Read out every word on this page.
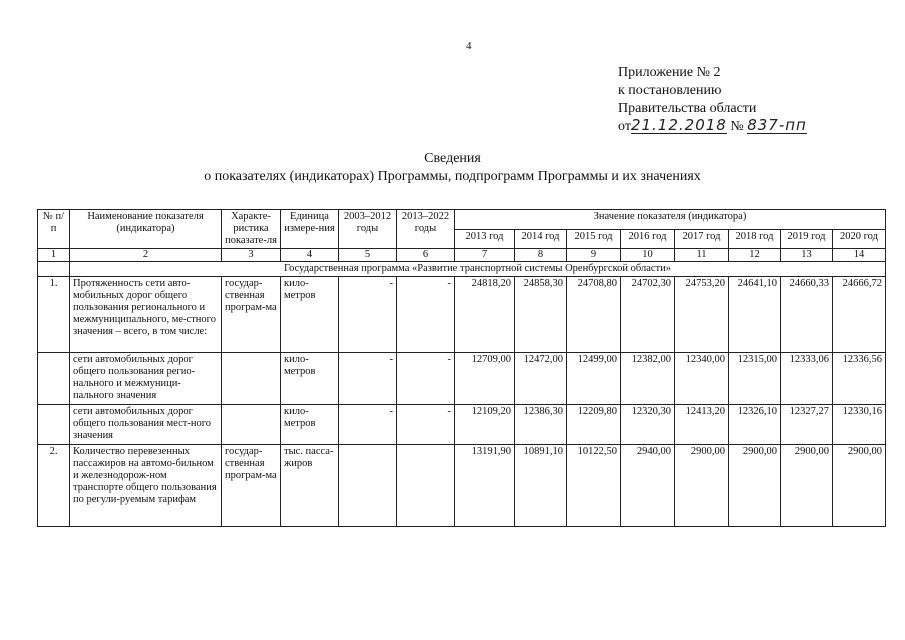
4
Приложение № 2
к постановлению
Правительства области
от21.12.2018 № 837-пп
Сведения
о показателях (индикаторах) Программы, подпрограмм Программы и их значениях
№ п/п	Наименование показателя (индикатора)	Характе-ристика показате-ля	Единица измере-ния	2003–2012 годы	2013–2022 годы	Значение показателя (индикатора)							
						2013 год	2014 год	2015 год	2016 год	2017 год	2018 год	2019 год	2020 год
1	2	3	4	5	6	7	8	9	10	11	12	13	14
	Государственная программа «Развитие транспортной системы Оренбургской области»												
1.	Протяженность сети авто-мобильных дорог общего пользования регионального и межмуниципального, ме-стного значения – всего, в том числе:	государ-ственная програм-ма	кило-метров	-	-	24818,20	24858,30	24708,80	24702,30	24753,20	24641,10	24660,33	24666,72
	сети автомобильных дорог общего пользования регио-нального и межмуници-пального значения		кило-метров	-	-	12709,00	12472,00	12499,00	12382,00	12340,00	12315,00	12333,06	12336,56
	сети автомобильных дорог общего пользования мест-ного значения		кило-метров	-	-	12109,20	12386,30	12209,80	12320,30	12413,20	12326,10	12327,27	12330,16
2.	Количество перевезенных пассажиров на автомо-бильном и железнодорож-ном транспорте общего пользования по регули-руемым тарифам	государ-ственная програм-ма	тыс. пасса-жиров			13191,90	10891,10	10122,50	2940,00	2900,00	2900,00	2900,00	2900,00
